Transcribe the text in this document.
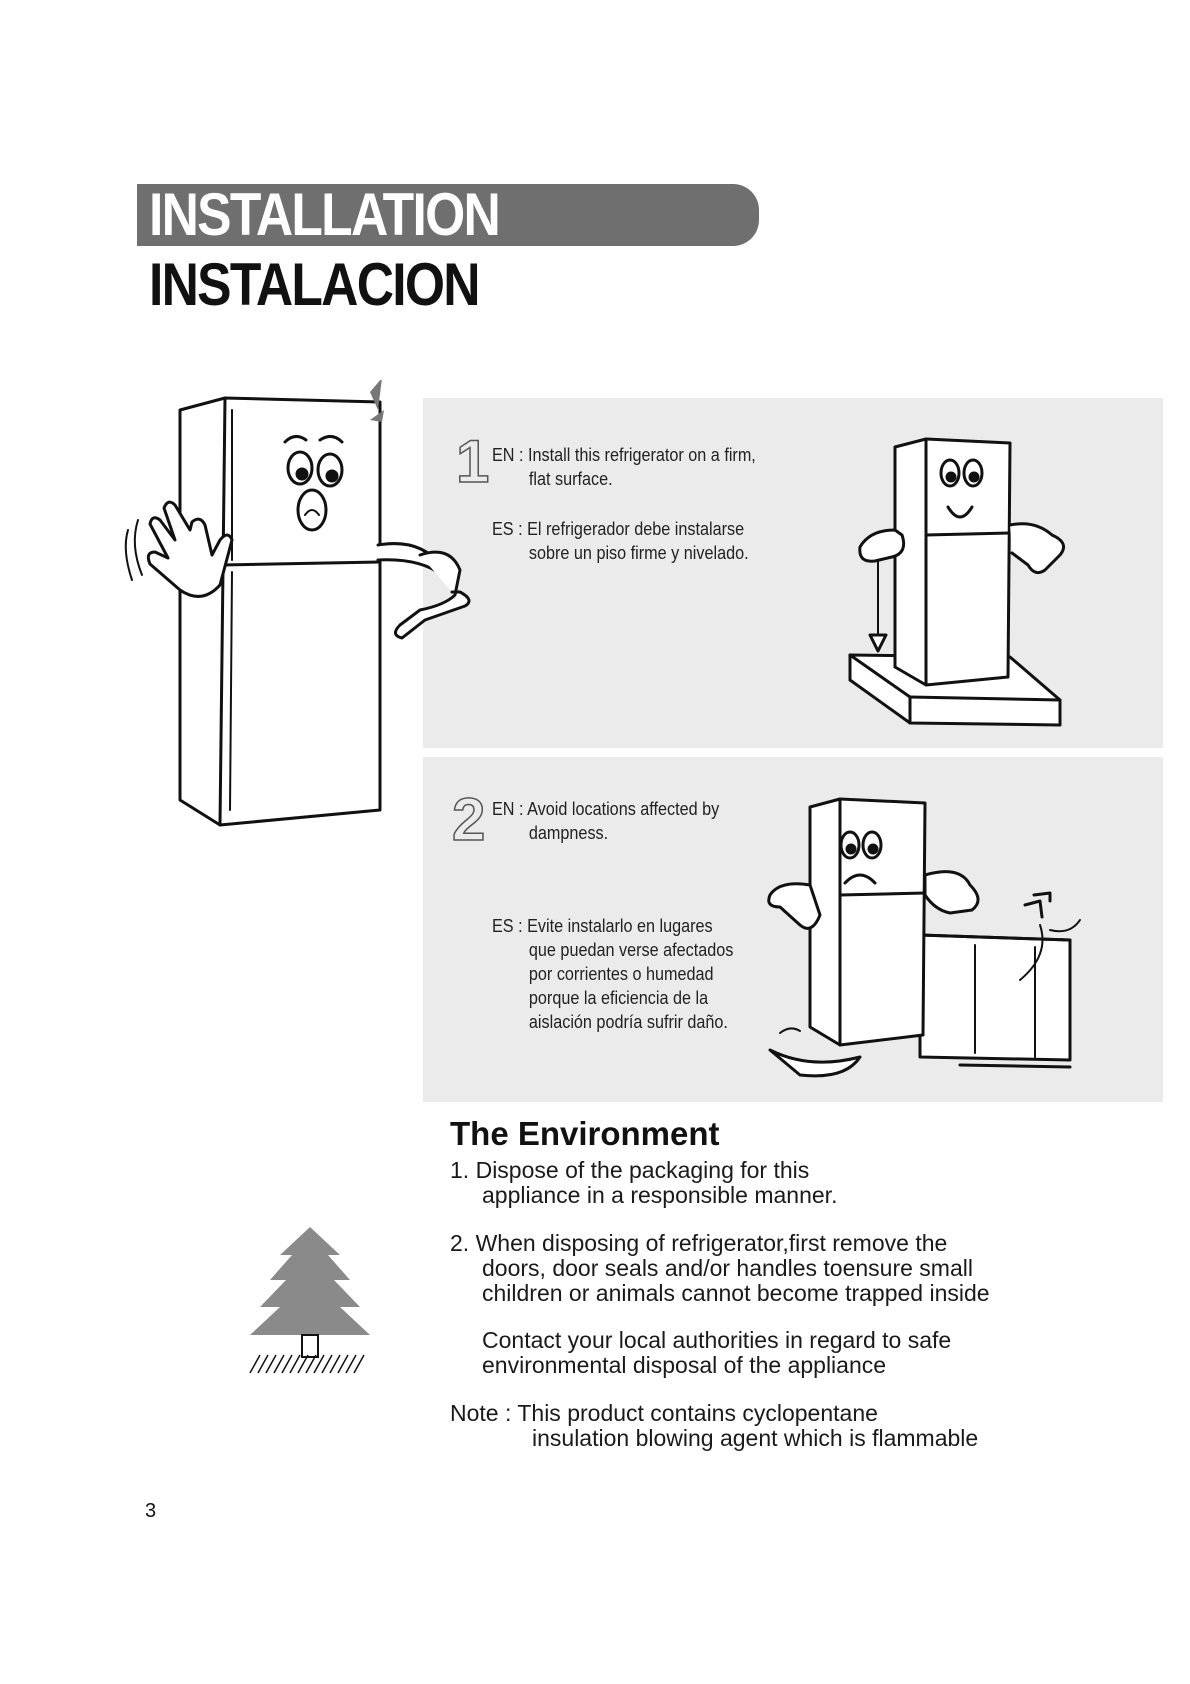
INSTALLATION
INSTALACION
1 EN : Install this refrigerator on a firm,
flat surface.
ES : El refrigerador debe instalarse
sobre un piso firme y nivelado.
2 EN : Avoid locations affected by
dampness.
ES : Evite instalarlo en lugares
que puedan verse afectados
por corrientes o humedad
porque la eficiencia de la
aislación podría sufrir daño.
The Environment
1. Dispose of the packaging for this
appliance in a responsible manner.
2. When disposing of refrigerator,first remove the
doors, door seals and/or handles toensure small
children or animals cannot become trapped inside
Contact your local authorities in regard to safe
environmental disposal of the appliance
Note : This product contains cyclopentane
insulation blowing agent which is flammable
3
